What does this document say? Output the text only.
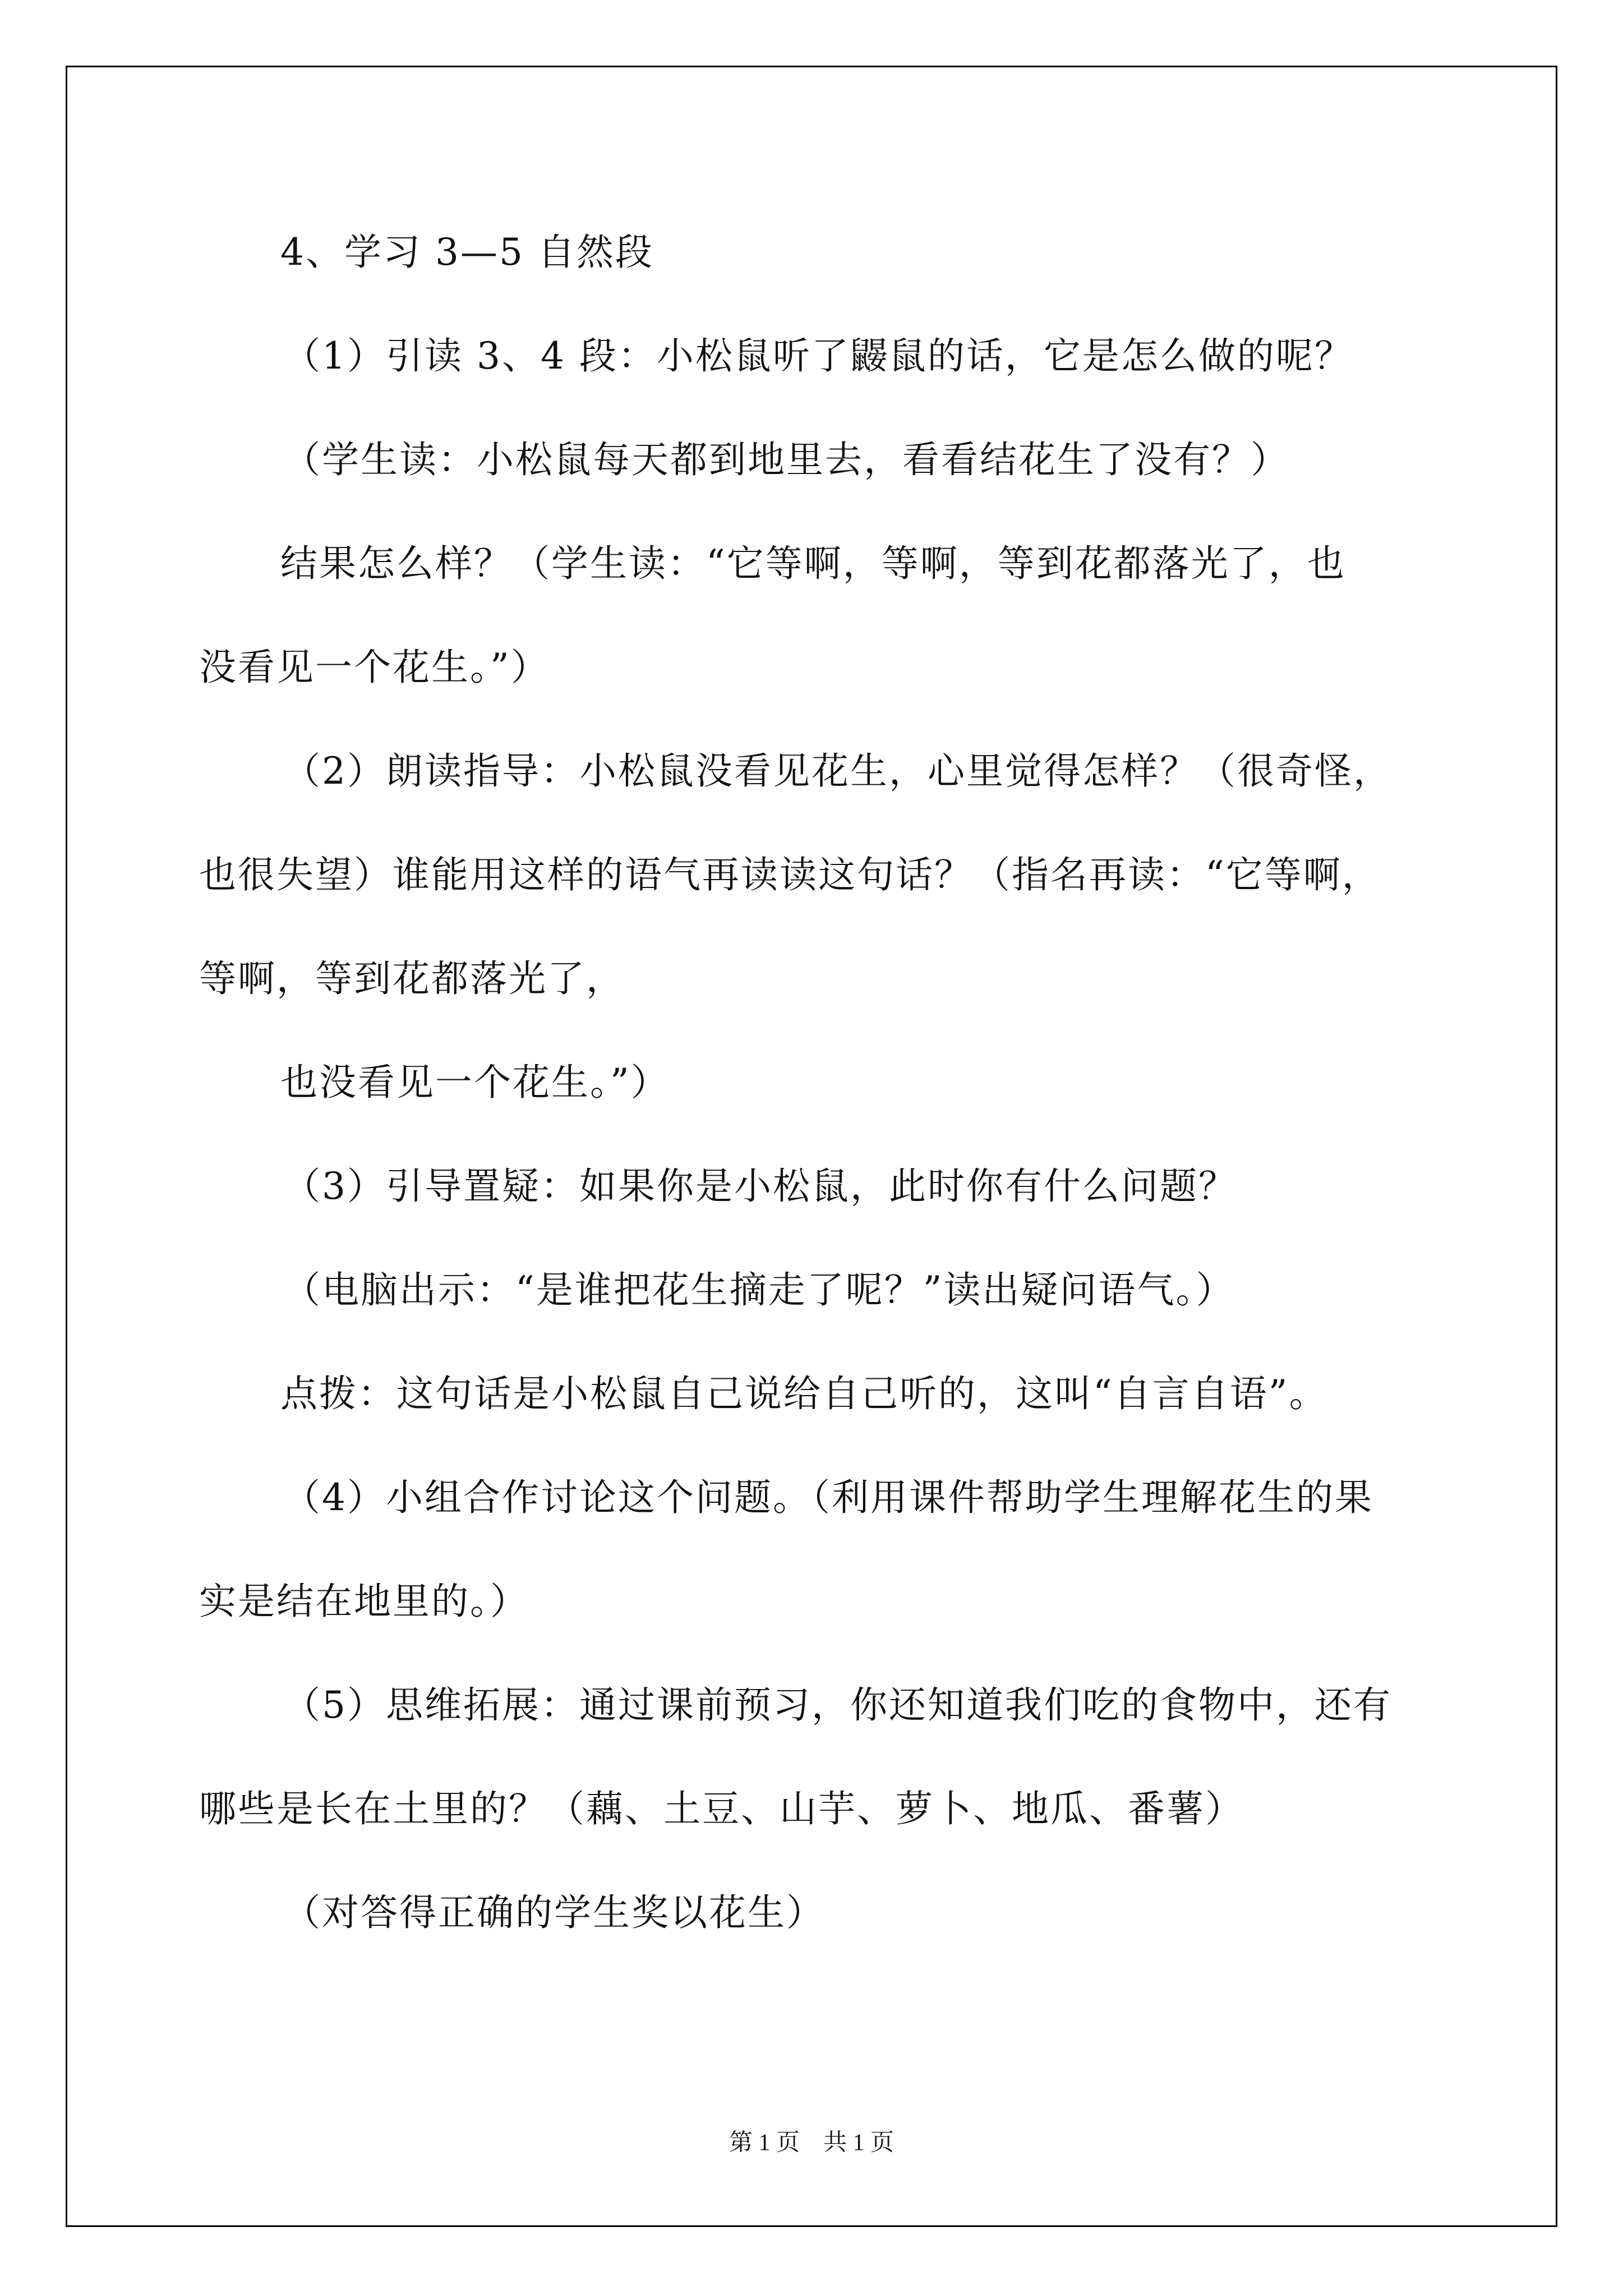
4、学习 3—5 自然段

（1）引读 3、4 段：小松鼠听了鼹鼠的话，它是怎么做的呢？

（学生读：小松鼠每天都到地里去，看看结花生了没有？）

结果怎么样？（学生读：“它等啊，等啊，等到花都落光了，也

没看见一个花生。”）

（2）朗读指导：小松鼠没看见花生，心里觉得怎样？（很奇怪，

也很失望）谁能用这样的语气再读读这句话？（指名再读：“它等啊，

等啊，等到花都落光了，

也没看见一个花生。”）

（3）引导置疑：如果你是小松鼠，此时你有什么问题？

（电脑出示：“是谁把花生摘走了呢？”读出疑问语气。）

点拨：这句话是小松鼠自己说给自己听的，这叫“自言自语”。

（4）小组合作讨论这个问题。（利用课件帮助学生理解花生的果

实是结在地里的。）

（5）思维拓展：通过课前预习，你还知道我们吃的食物中，还有

哪些是长在土里的？（藕、土豆、山芋、萝卜、地瓜、番薯）

（对答得正确的学生奖以花生）

第 1 页    共 1 页
